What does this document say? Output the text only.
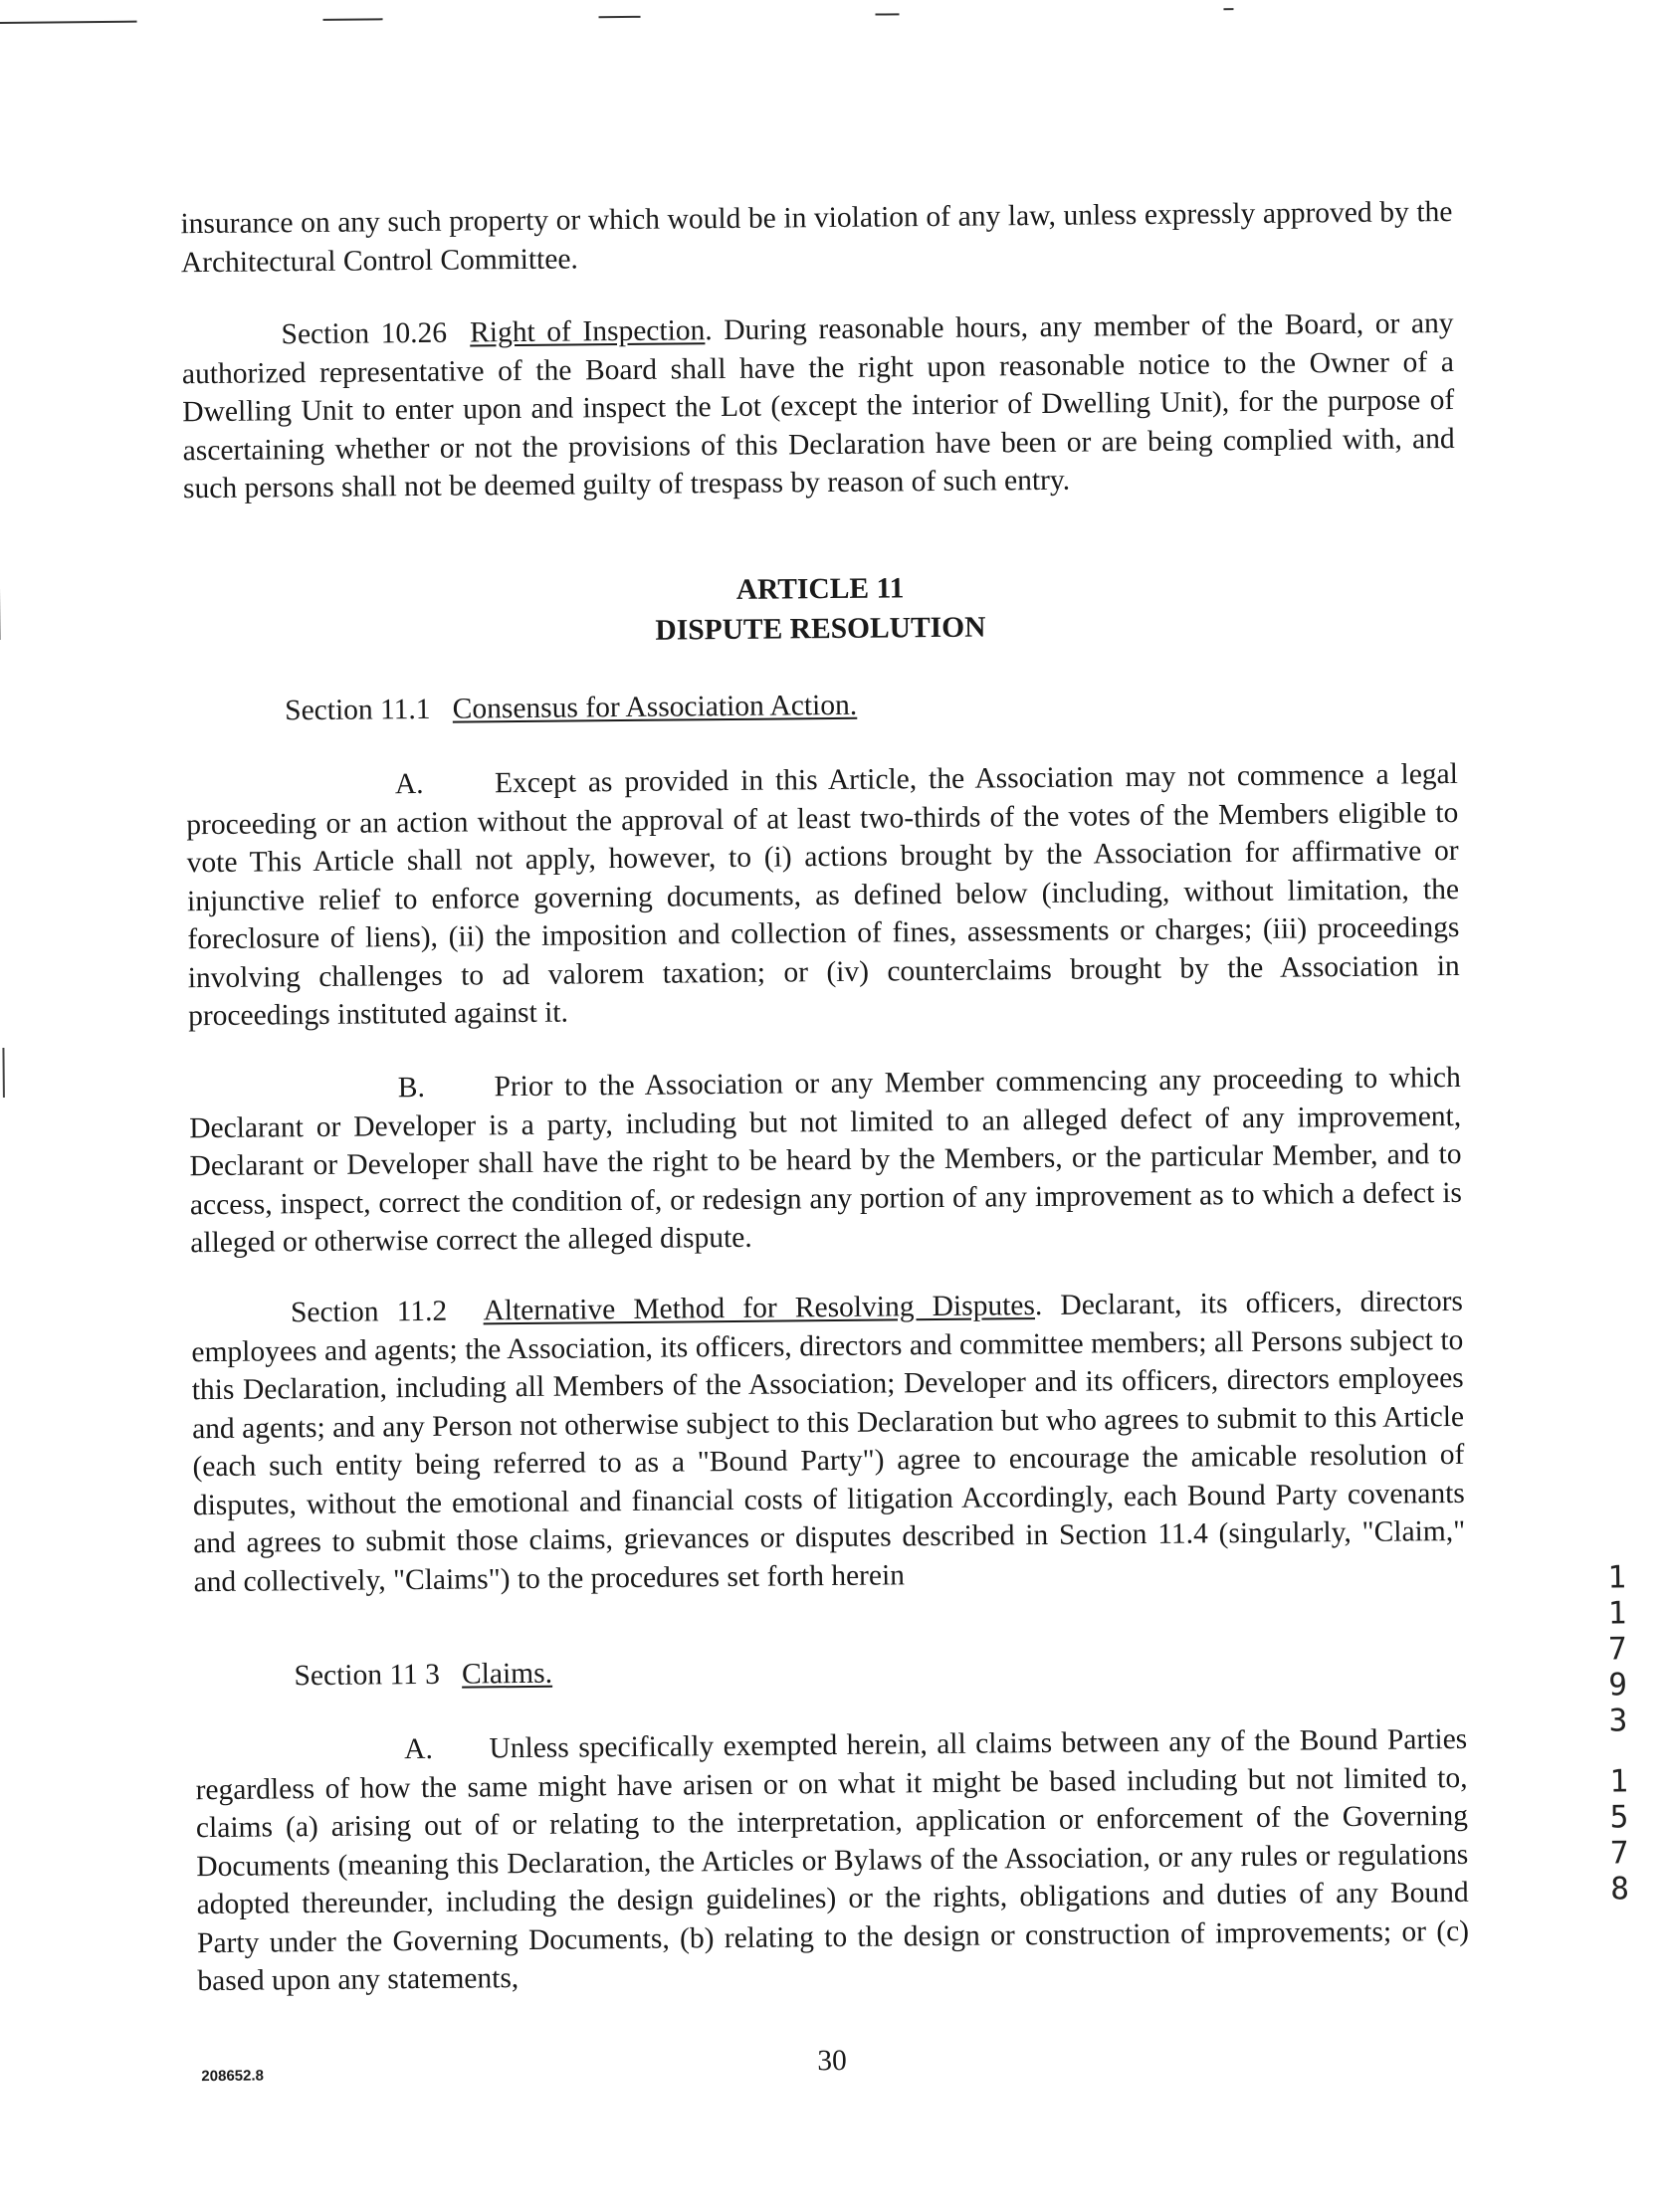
insurance on any such property or which would be in violation of any law, unless expressly approved by the Architectural Control Committee.
Section 10.26 Right of Inspection. During reasonable hours, any member of the Board, or any authorized representative of the Board shall have the right upon reasonable notice to the Owner of a Dwelling Unit to enter upon and inspect the Lot (except the interior of Dwelling Unit), for the purpose of ascertaining whether or not the provisions of this Declaration have been or are being complied with, and such persons shall not be deemed guilty of trespass by reason of such entry.
ARTICLE 11
DISPUTE RESOLUTION
Section 11.1 Consensus for Association Action.
A. Except as provided in this Article, the Association may not commence a legal proceeding or an action without the approval of at least two-thirds of the votes of the Members eligible to vote This Article shall not apply, however, to (i) actions brought by the Association for affirmative or injunctive relief to enforce governing documents, as defined below (including, without limitation, the foreclosure of liens), (ii) the imposition and collection of fines, assessments or charges; (iii) proceedings involving challenges to ad valorem taxation; or (iv) counterclaims brought by the Association in proceedings instituted against it.
B. Prior to the Association or any Member commencing any proceeding to which Declarant or Developer is a party, including but not limited to an alleged defect of any improvement, Declarant or Developer shall have the right to be heard by the Members, or the particular Member, and to access, inspect, correct the condition of, or redesign any portion of any improvement as to which a defect is alleged or otherwise correct the alleged dispute.
Section 11.2 Alternative Method for Resolving Disputes. Declarant, its officers, directors employees and agents; the Association, its officers, directors and committee members; all Persons subject to this Declaration, including all Members of the Association; Developer and its officers, directors employees and agents; and any Person not otherwise subject to this Declaration but who agrees to submit to this Article (each such entity being referred to as a "Bound Party") agree to encourage the amicable resolution of disputes, without the emotional and financial costs of litigation Accordingly, each Bound Party covenants and agrees to submit those claims, grievances or disputes described in Section 11.4 (singularly, "Claim," and collectively, "Claims") to the procedures set forth herein
Section 11 3 Claims.
A. Unless specifically exempted herein, all claims between any of the Bound Parties regardless of how the same might have arisen or on what it might be based including but not limited to, claims (a) arising out of or relating to the interpretation, application or enforcement of the Governing Documents (meaning this Declaration, the Articles or Bylaws of the Association, or any rules or regulations adopted thereunder, including the design guidelines) or the rights, obligations and duties of any Bound Party under the Governing Documents, (b) relating to the design or construction of improvements; or (c) based upon any statements,
208652.8	30
1
1
7
9
3
1
5
7
8
